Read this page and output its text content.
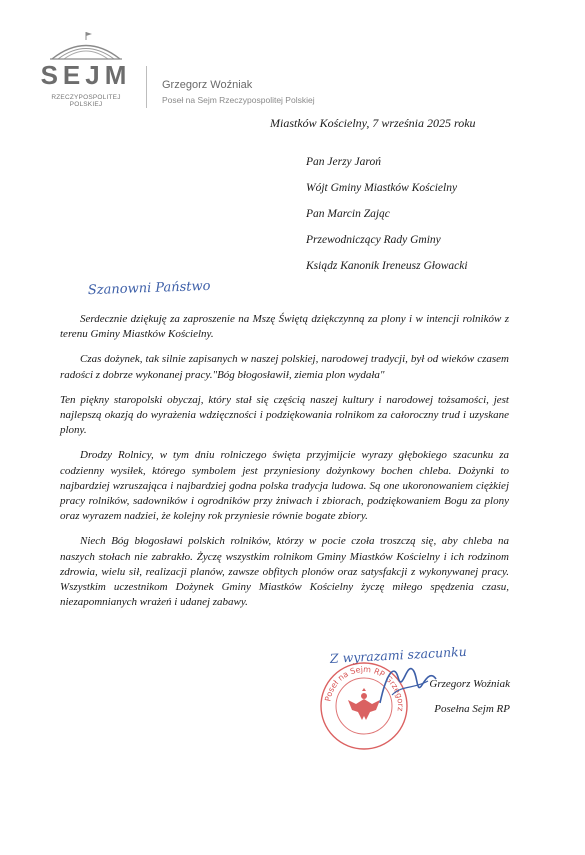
SEJM
RZECZYPOSPOLITEJ POLSKIEJ
Grzegorz Woźniak
Poseł na Sejm Rzeczypospolitej Polskiej
Miastków Kościelny, 7 września 2025 roku
Pan Jerzy Jaroń
Wójt Gminy Miastków Kościelny
Pan Marcin Zając
Przewodniczący Rady Gminy
Ksiądz Kanonik Ireneusz Głowacki
Szanowni Państwo

Serdecznie dziękuję za zaproszenie na Mszę Świętą dziękczynną za plony i w intencji rolników z terenu Gminy Miastków Kościelny.

Czas dożynek, tak silnie zapisanych w naszej polskiej, narodowej tradycji, był od wieków czasem radości z dobrze wykonanej pracy."Bóg błogosławił, ziemia plon wydała"

Ten piękny staropolski obyczaj, który stał się częścią naszej kultury i narodowej tożsamości, jest najlepszą okazją do wyrażenia wdzięczności i podziękowania rolnikom za całoroczny trud i uzyskane plony.

Drodzy Rolnicy, w tym dniu rolniczego święta przyjmijcie wyrazy głębokiego szacunku za codzienny wysiłek, którego symbolem jest przyniesiony dożynkowy bochen chleba. Dożynki to najbardziej wzruszająca i najbardziej godna polska tradycja ludowa. Są one ukoronowaniem ciężkiej pracy rolników, sadowników i ogrodników przy żniwach i zbiorach, podziękowaniem Bogu za plony oraz wyrazem nadziei, że kolejny rok przyniesie równie bogate zbiory.

Niech Bóg błogosławi polskich rolników, którzy w pocie czoła troszczą się, aby chleba na naszych stołach nie zabrakło. Życzę wszystkim rolnikom Gminy Miastków Kościelny i ich rodzinom zdrowia, wielu sił, realizacji planów, zawsze obfitych plonów oraz satysfakcji z wykonywanej pracy. Wszystkim uczestnikom Dożynek Gminy Miastków Kościelny życzę miłego spędzenia czasu, niezapomnianych wrażeń i udanej zabawy.

Z wyrazami szacunku
Poseł na Sejm RP Grzegorz
Grzegorz Woźniak
Posełna Sejm RP
